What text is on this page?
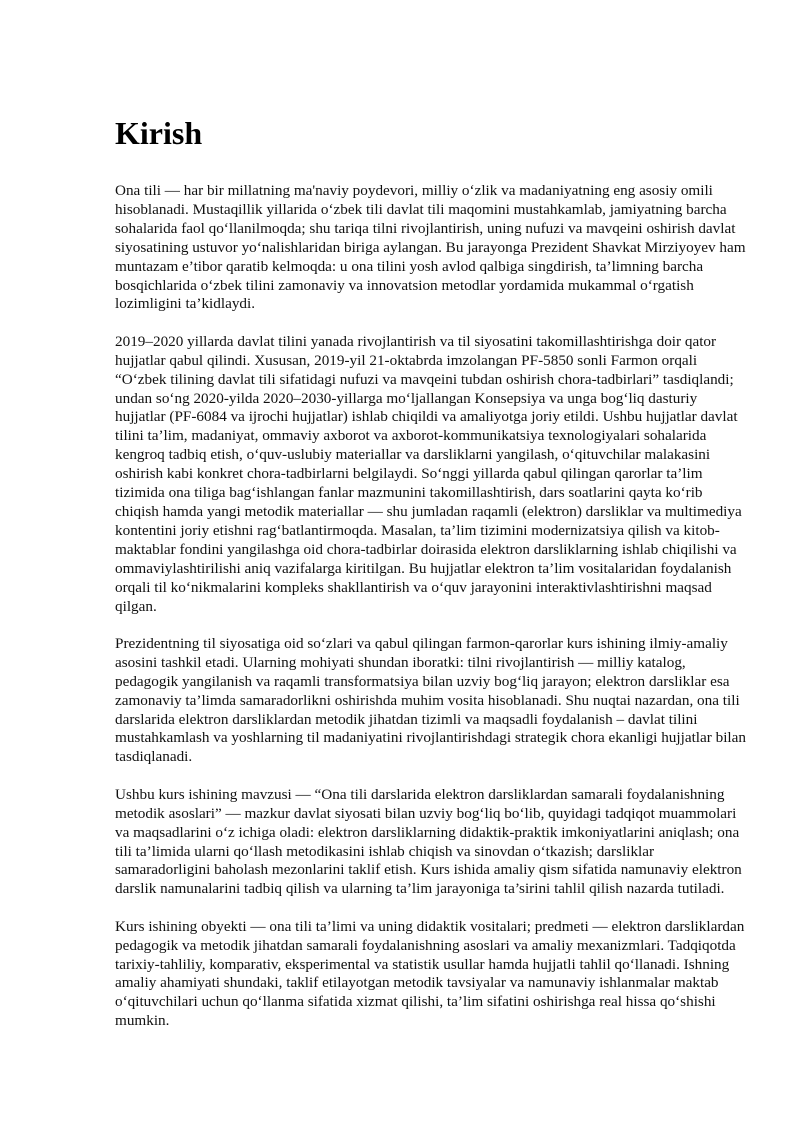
Kirish

Ona tili — har bir millatning ma'naviy poydevori, milliy o‘zlik va madaniyatning eng asosiy omili hisoblanadi. Mustaqillik yillarida o‘zbek tili davlat tili maqomini mustahkamlab, jamiyatning barcha sohalarida faol qo‘llanilmoqda; shu tariqa tilni rivojlantirish, uning nufuzi va mavqeini oshirish davlat siyosatining ustuvor yo‘nalishlaridan biriga aylangan. Bu jarayonga Prezident Shavkat Mirziyoyev ham muntazam e’tibor qaratib kelmoqda: u ona tilini yosh avlod qalbiga singdirish, ta’limning barcha bosqichlarida o‘zbek tilini zamonaviy va innovatsion metodlar yordamida mukammal o‘rgatish lozimligini ta’kidlaydi.

2019–2020 yillarda davlat tilini yanada rivojlantirish va til siyosatini takomillashtirishga doir qator hujjatlar qabul qilindi. Xususan, 2019-yil 21-oktabrda imzolangan PF-5850 sonli Farmon orqali “O‘zbek tilining davlat tili sifatidagi nufuzi va mavqeini tubdan oshirish chora-tadbirlari” tasdiqlandi; undan so‘ng 2020-yilda 2020–2030-yillarga mo‘ljallangan Konsepsiya va unga bog‘liq dasturiy hujjatlar (PF-6084 va ijrochi hujjatlar) ishlab chiqildi va amaliyotga joriy etildi. Ushbu hujjatlar davlat tilini ta’lim, madaniyat, ommaviy axborot va axborot-kommunikatsiya texnologiyalari sohalarida kengroq tadbiq etish, o‘quv-uslubiy materiallar va darsliklarni yangilash, o‘qituvchilar malakasini oshirish kabi konkret chora-tadbirlarni belgilaydi. So‘nggi yillarda qabul qilingan qarorlar ta’lim tizimida ona tiliga bag‘ishlangan fanlar mazmunini takomillashtirish, dars soatlarini qayta ko‘rib chiqish hamda yangi metodik materiallar — shu jumladan raqamli (elektron) darsliklar va multimediya kontentini joriy etishni rag‘batlantirmoqda. Masalan, ta’lim tizimini modernizatsiya qilish va kitob-maktablar fondini yangilashga oid chora-tadbirlar doirasida elektron darsliklarning ishlab chiqilishi va ommaviylashtirilishi aniq vazifalarga kiritilgan. Bu hujjatlar elektron ta’lim vositalaridan foydalanish orqali til ko‘nikmalarini kompleks shakllantirish va o‘quv jarayonini interaktivlashtirishni maqsad qilgan.

Prezidentning til siyosatiga oid so‘zlari va qabul qilingan farmon-qarorlar kurs ishining ilmiy-amaliy asosini tashkil etadi. Ularning mohiyati shundan iboratki: tilni rivojlantirish — milliy katalog, pedagogik yangilanish va raqamli transformatsiya bilan uzviy bog‘liq jarayon; elektron darsliklar esa zamonaviy ta’limda samaradorlikni oshirishda muhim vosita hisoblanadi. Shu nuqtai nazardan, ona tili darslarida elektron darsliklardan metodik jihatdan tizimli va maqsadli foydalanish – davlat tilini mustahkamlash va yoshlarning til madaniyatini rivojlantirishdagi strategik chora ekanligi hujjatlar bilan tasdiqlanadi.

Ushbu kurs ishining mavzusi — “Ona tili darslarida elektron darsliklardan samarali foydalanishning metodik asoslari” — mazkur davlat siyosati bilan uzviy bog‘liq bo‘lib, quyidagi tadqiqot muammolari va maqsadlarini o‘z ichiga oladi: elektron darsliklarning didaktik-praktik imkoniyatlarini aniqlash; ona tili ta’limida ularni qo‘llash metodikasini ishlab chiqish va sinovdan o‘tkazish; darsliklar samaradorligini baholash mezonlarini taklif etish. Kurs ishida amaliy qism sifatida namunaviy elektron darslik namunalarini tadbiq qilish va ularning ta’lim jarayoniga ta’sirini tahlil qilish nazarda tutiladi.

Kurs ishining obyekti — ona tili ta’limi va uning didaktik vositalari; predmeti — elektron darsliklardan pedagogik va metodik jihatdan samarali foydalanishning asoslari va amaliy mexanizmlari. Tadqiqotda tarixiy-tahliliy, komparativ, eksperimental va statistik usullar hamda hujjatli tahlil qo‘llanadi. Ishning amaliy ahamiyati shundaki, taklif etilayotgan metodik tavsiyalar va namunaviy ishlanmalar maktab o‘qituvchilari uchun qo‘llanma sifatida xizmat qilishi, ta’lim sifatini oshirishga real hissa qo‘shishi mumkin.
